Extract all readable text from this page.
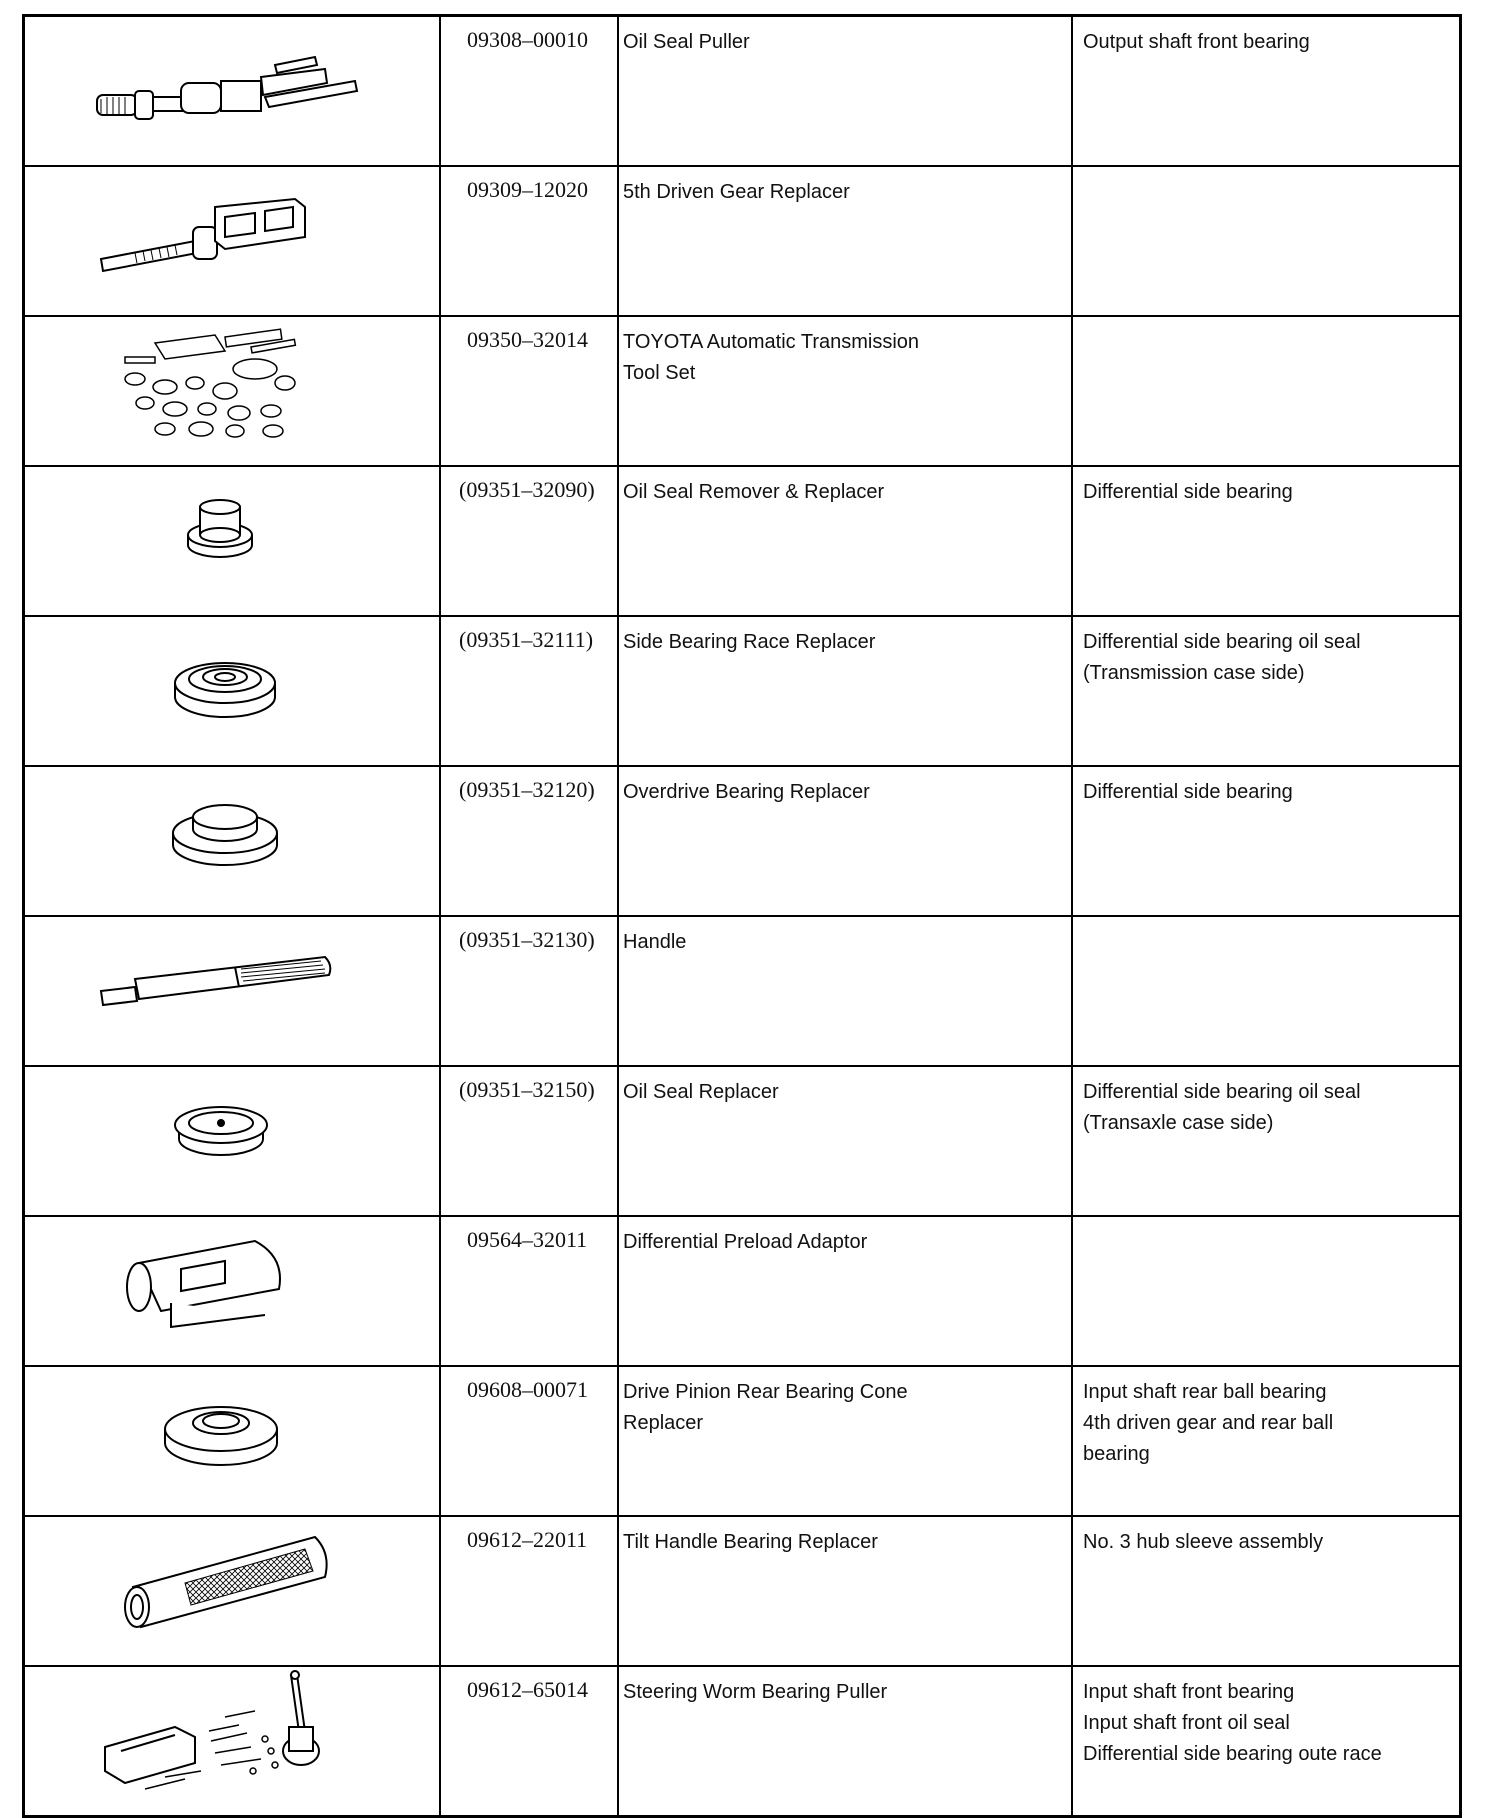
09308–00010	Oil Seal Puller	Output shaft front bearing

09309–12020	5th Driven Gear Replacer	

09350–32014	TOYOTA Automatic Transmission
Tool Set	

(09351–32090)	Oil Seal Remover & Replacer	Differential side bearing

(09351–32111)	Side Bearing Race Replacer	Differential side bearing oil seal
(Transmission case side)

(09351–32120)	Overdrive Bearing Replacer	Differential side bearing

(09351–32130)	Handle	

(09351–32150)	Oil Seal Replacer	Differential side bearing oil seal
(Transaxle case side)

09564–32011	Differential Preload Adaptor	

09608–00071	Drive Pinion Rear Bearing Cone
Replacer	Input shaft rear ball bearing
4th driven gear and rear ball
bearing

09612–22011	Tilt Handle Bearing Replacer	No. 3 hub sleeve assembly

09612–65014	Steering Worm Bearing Puller	Input shaft front bearing
Input shaft front oil seal
Differential side bearing oute race
